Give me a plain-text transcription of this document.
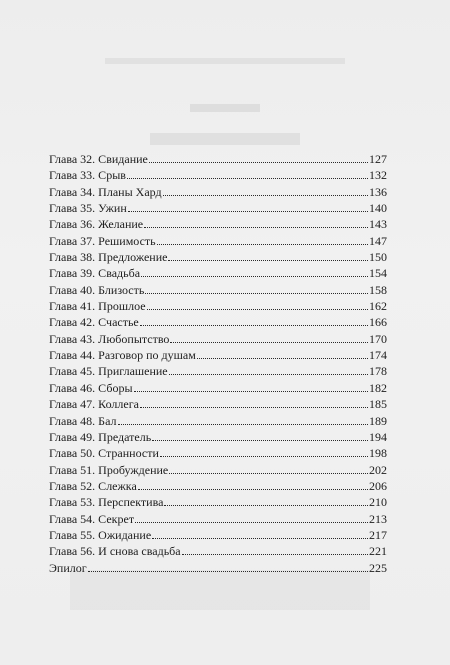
Глава 32. Свидание	127
Глава 33. Срыв	132
Глава 34. Планы Хард	136
Глава 35. Ужин	140
Глава 36. Желание	143
Глава 37. Решимость	147
Глава 38. Предложение	150
Глава 39. Свадьба	154
Глава 40. Близость	158
Глава 41. Прошлое	162
Глава 42. Счастье	166
Глава 43. Любопытство	170
Глава 44. Разговор по душам	174
Глава 45. Приглашение	178
Глава 46. Сборы	182
Глава 47. Коллега	185
Глава 48. Бал	189
Глава 49. Предатель	194
Глава 50. Странности	198
Глава 51. Пробуждение	202
Глава 52. Слежка	206
Глава 53. Перспектива	210
Глава 54. Секрет	213
Глава 55. Ожидание	217
Глава 56. И снова свадьба	221
Эпилог	225
